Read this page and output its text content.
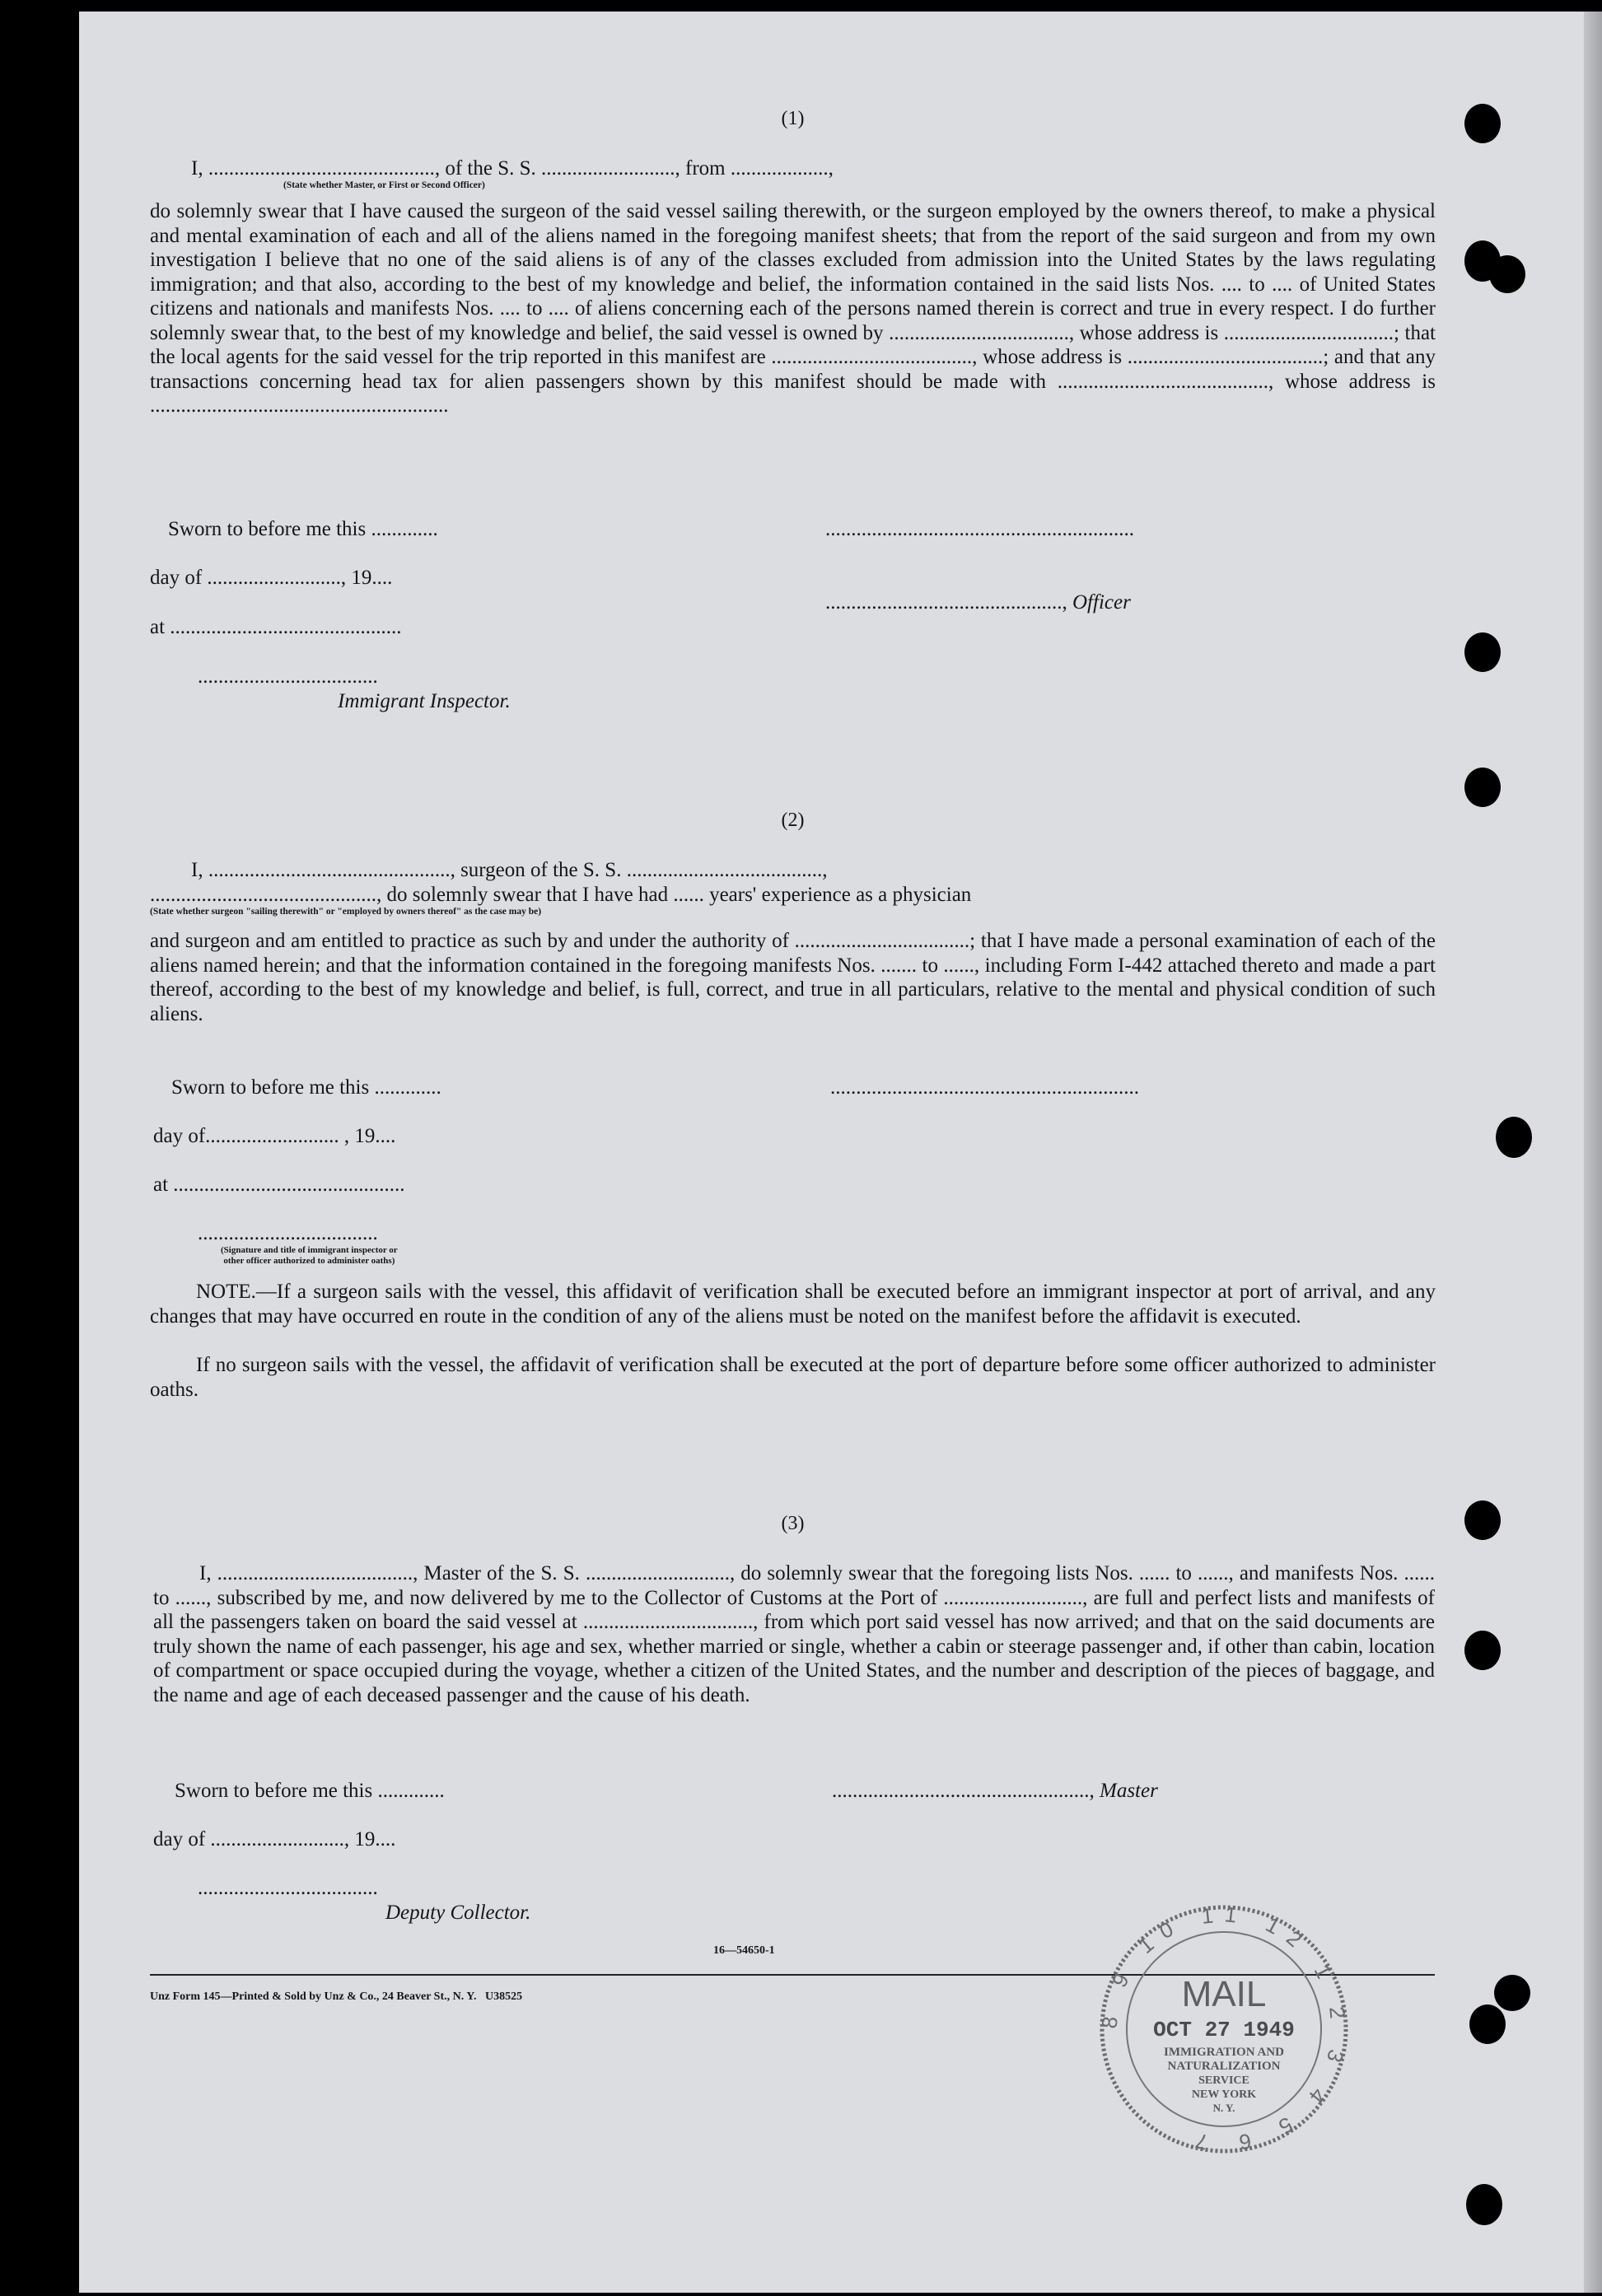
(1)
I, ............................................, of the S. S. .........................., from ...................,
(State whether Master, or First or Second Officer)

do solemnly swear that I have caused the surgeon of the said vessel sailing therewith, or the surgeon employed by the owners thereof, to make a physical and mental examination of each and all of the aliens named in the foregoing manifest sheets; that from the report of the said surgeon and from my own investigation I believe that no one of the said aliens is of any of the classes excluded from admission into the United States by the laws regulating immigration; and that also, according to the best of my knowledge and belief, the information contained in the said lists Nos. .... to .... of United States citizens and nationals and manifests Nos. .... to .... of aliens concerning each of the persons named therein is correct and true in every respect. I do further solemnly swear that, to the best of my knowledge and belief, the said vessel is owned by ..................................., whose address is .................................; that the local agents for the said vessel for the trip reported in this manifest are ......................................., whose address is ......................................; and that any transactions concerning head tax for alien passengers shown by this manifest should be made with ........................................., whose address is ..........................................................

Sworn to before me this .............	............................................................
day of .........................., 19....
.............................................., Officer
at .............................................
...................................
Immigrant Inspector.
(2)
I, ..............................................., surgeon of the S. S. ......................................,
............................................, do solemnly swear that I have had ...... years' experience as a physician
(State whether surgeon "sailing therewith" or "employed by owners thereof" as the case may be)

and surgeon and am entitled to practice as such by and under the authority of ..................................; that I have made a personal examination of each of the aliens named herein; and that the information contained in the foregoing manifests Nos. ....... to ......, including Form I-442 attached thereto and made a part thereof, according to the best of my knowledge and belief, is full, correct, and true in all particulars, relative to the mental and physical condition of such aliens.

Sworn to before me this .............	............................................................
day of.......................... , 19....
at .............................................
...................................
(Signature and title of immigrant inspector or
other officer authorized to administer oaths)

NOTE.—If a surgeon sails with the vessel, this affidavit of verification shall be executed before an immigrant inspector at port of arrival, and any changes that may have occurred en route in the condition of any of the aliens must be noted on the manifest before the affidavit is executed.

If no surgeon sails with the vessel, the affidavit of verification shall be executed at the port of departure before some officer authorized to administer oaths.

(3)

I, ......................................, Master of the S. S. ............................, do solemnly swear that the foregoing lists Nos. ...... to ......, and manifests Nos. ...... to ......, subscribed by me, and now delivered by me to the Collector of Customs at the Port of ..........................., are full and perfect lists and manifests of all the passengers taken on board the said vessel at ................................., from which port said vessel has now arrived; and that on the said documents are truly shown the name of each passenger, his age and sex, whether married or single, whether a cabin or steerage passenger and, if other than cabin, location of compartment or space occupied during the voyage, whether a citizen of the United States, and the number and description of the pieces of baggage, and the name and age of each deceased passenger and the cause of his death.

Sworn to before me this .............	.................................................., Master
day of .........................., 19....
...................................
Deputy Collector.
16—54650-1
Unz Form 145—Printed & Sold by Unz & Co., 24 Beaver St., N. Y.   U38525	MAIL
OCT 27 1949
IMMIGRATION AND
NATURALIZATION
SERVICE
NEW YORK
N. Y.
8 9 10 11 12 1 2 3 4 5 6 7
